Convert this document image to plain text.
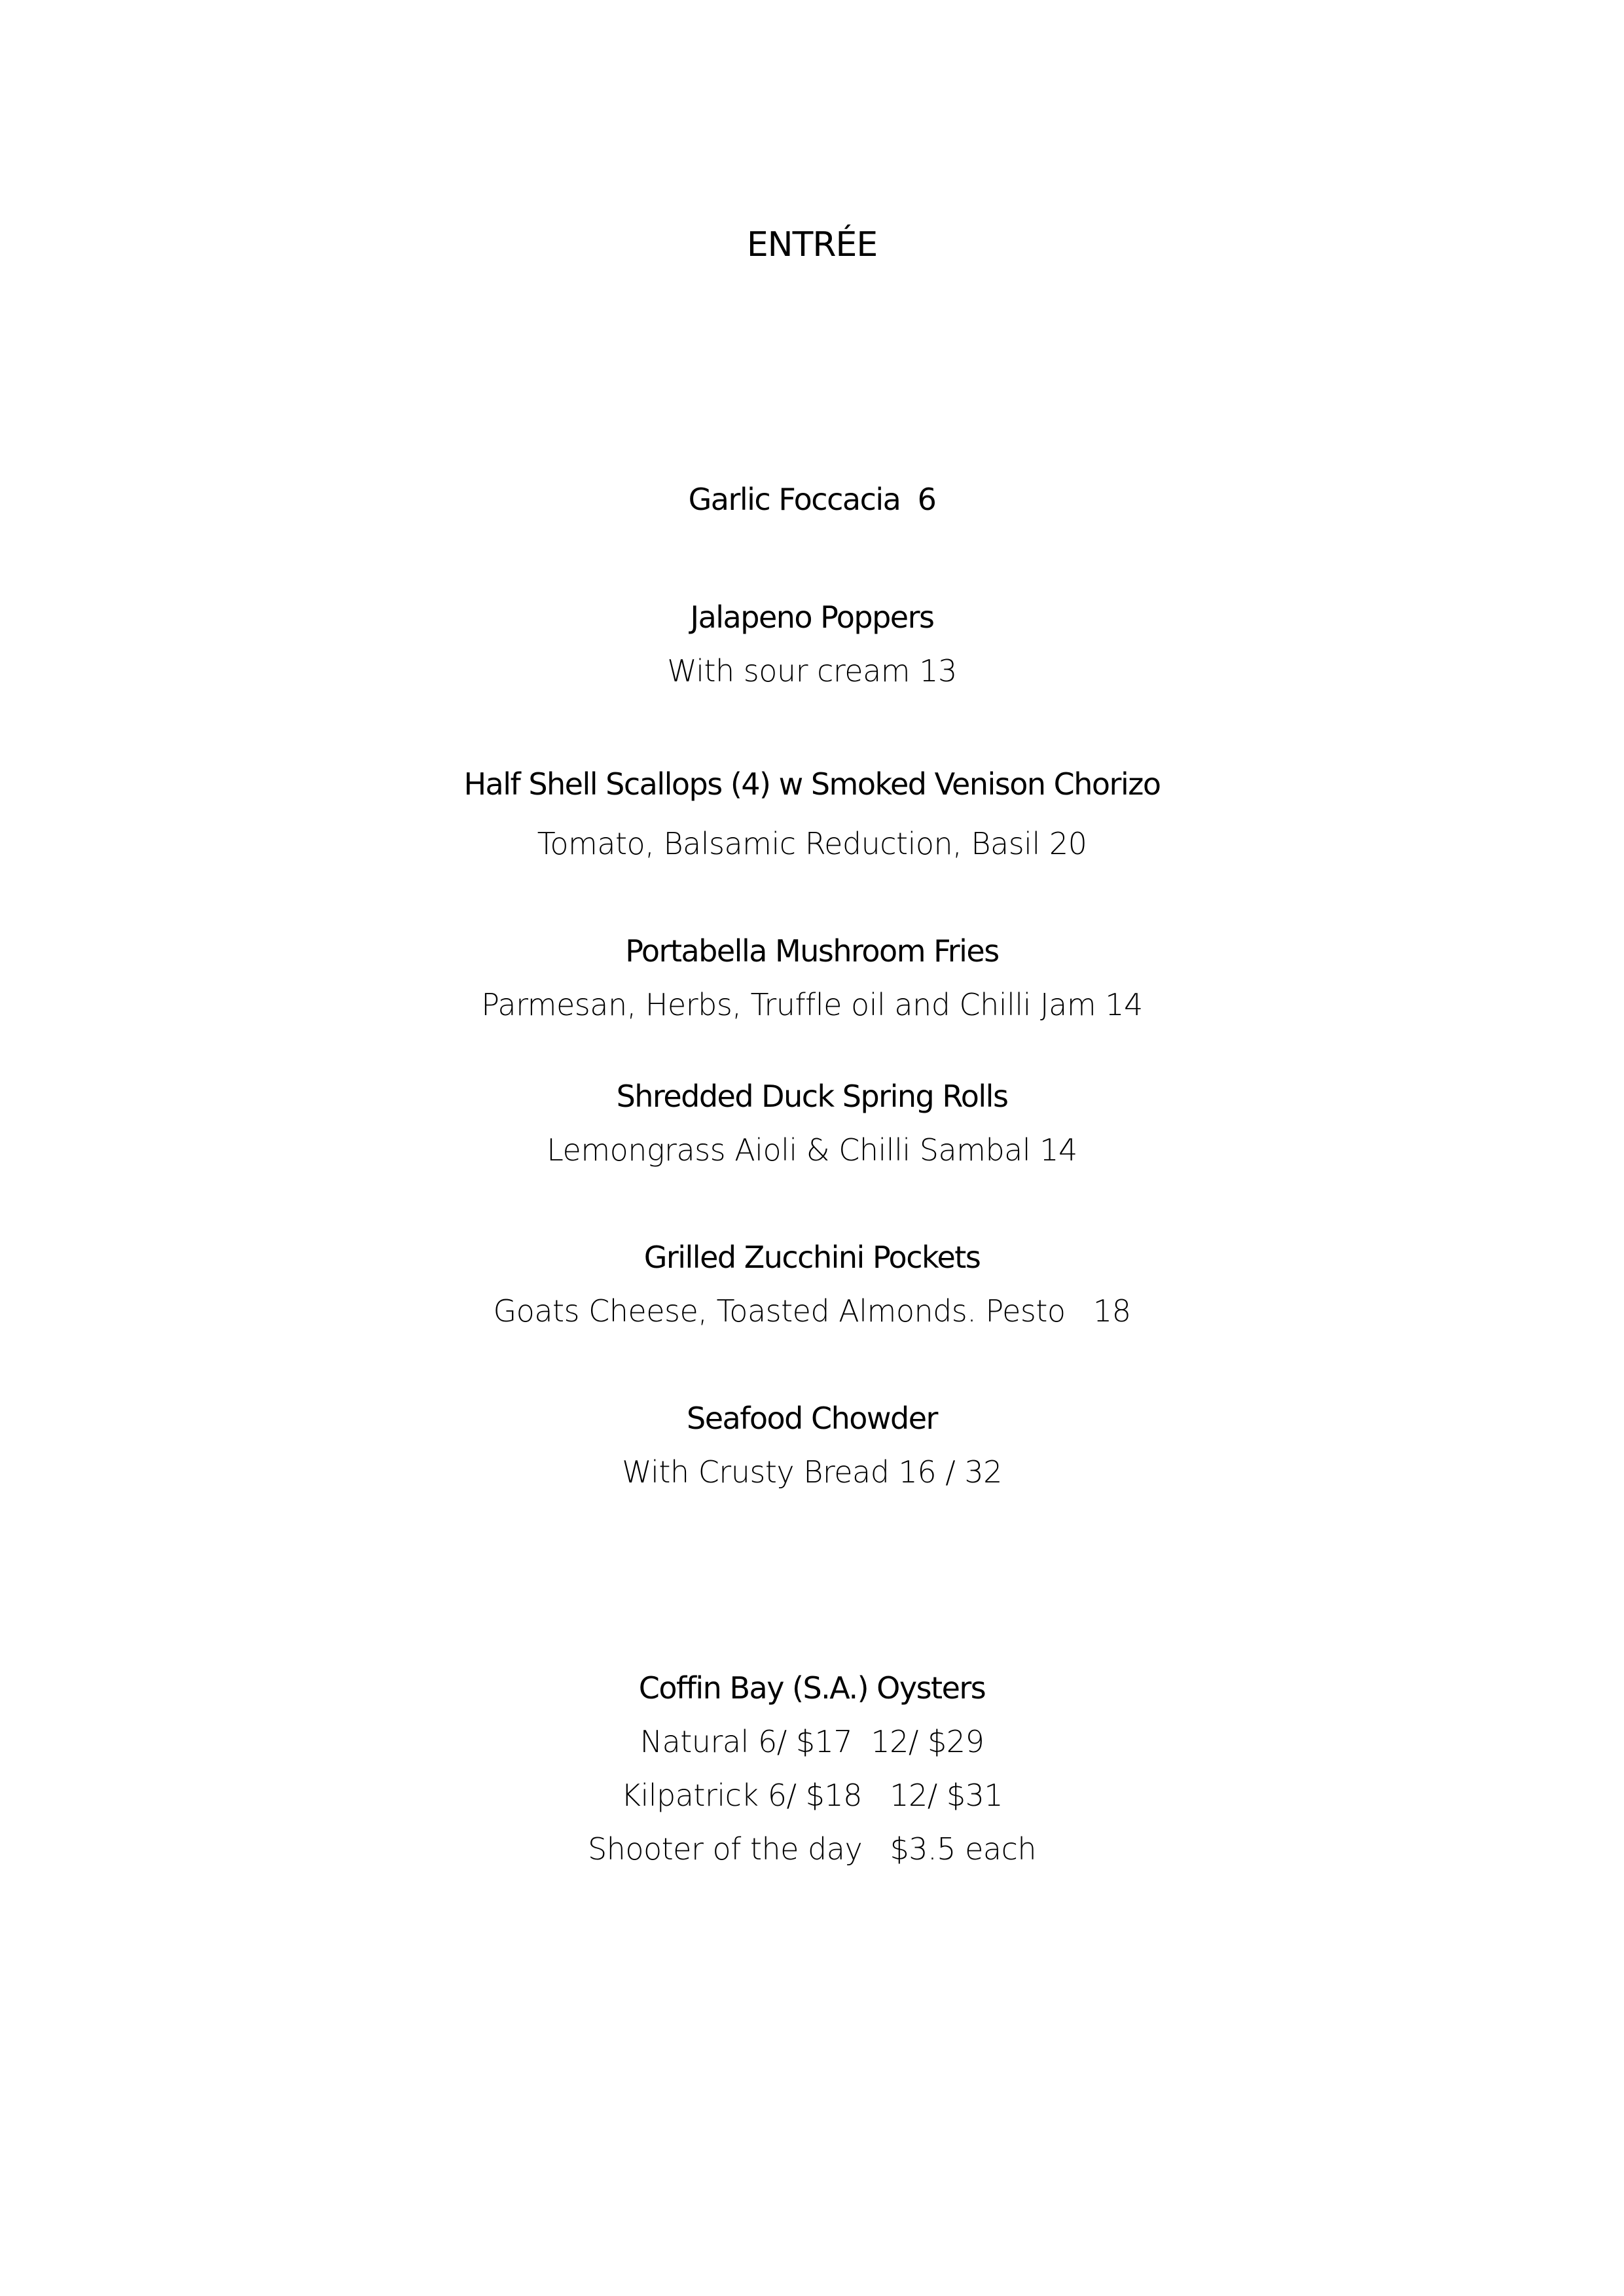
ENTRÉE
Garlic Foccacia 6
Jalapeno Poppers
With sour cream 13
Half Shell Scallops (4) w Smoked Venison Chorizo
Tomato, Balsamic Reduction, Basil 20
Portabella Mushroom Fries
Parmesan, Herbs, Truffle oil and Chilli Jam 14
Shredded Duck Spring Rolls
Lemongrass Aioli & Chilli Sambal 14
Grilled Zucchini Pockets
Goats Cheese, Toasted Almonds. Pesto   18
Seafood Chowder
With Crusty Bread 16 / 32
Coffin Bay (S.A.) Oysters
Natural 6/ $17  12/ $29
Kilpatrick 6/ $18   12/ $31
Shooter of the day   $3.5 each
